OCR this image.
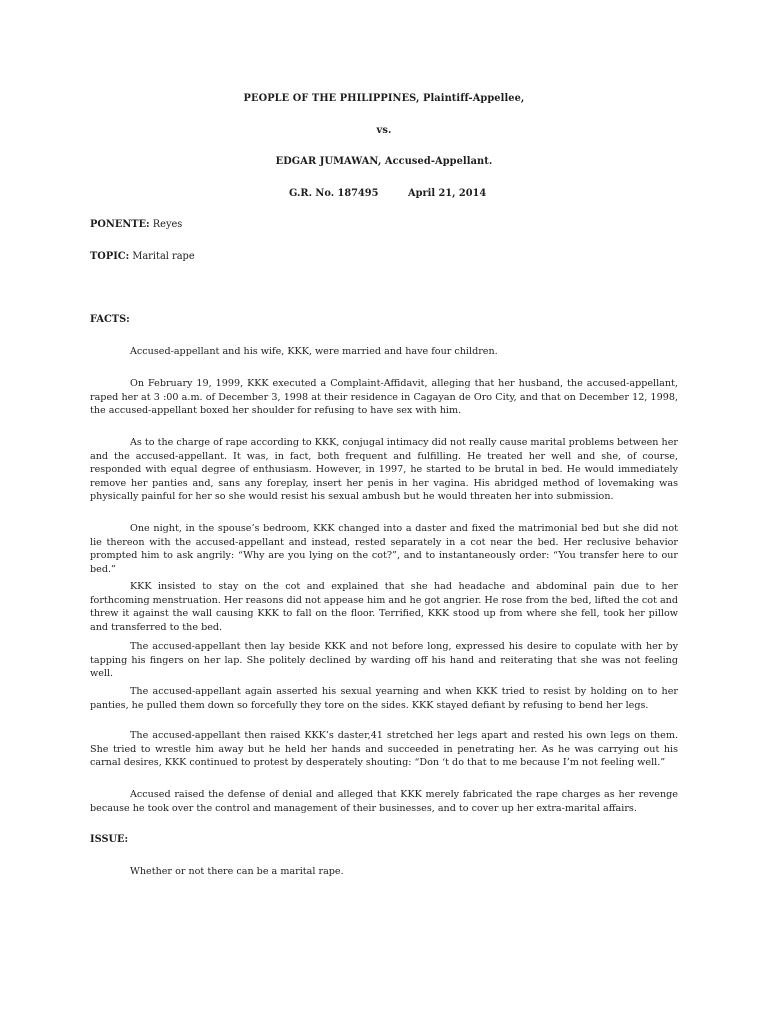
PEOPLE OF THE PHILIPPINES, Plaintiff-Appellee,
vs.
EDGAR JUMAWAN, Accused-Appellant.
G.R. No. 187495	April 21, 2014
PONENTE: Reyes
TOPIC: Marital rape
FACTS:
Accused-appellant and his wife, KKK, were married and have four children.
On February 19, 1999, KKK executed a Complaint-Affidavit, alleging that her husband, the accused-appellant, raped her at 3 :00 a.m. of December 3, 1998 at their residence in Cagayan de Oro City, and that on December 12, 1998, the accused-appellant boxed her shoulder for refusing to have sex with him.
As to the charge of rape according to KKK, conjugal intimacy did not really cause marital problems between her and the accused-appellant. It was, in fact, both frequent and fulfilling. He treated her well and she, of course, responded with equal degree of enthusiasm. However, in 1997, he started to be brutal in bed. He would immediately remove her panties and, sans any foreplay, insert her penis in her vagina. His abridged method of lovemaking was physically painful for her so she would resist his sexual ambush but he would threaten her into submission.
One night, in the spouse’s bedroom, KKK changed into a daster and fixed the matrimonial bed but she did not lie thereon with the accused-appellant and instead, rested separately in a cot near the bed. Her reclusive behavior prompted him to ask angrily: “Why are you lying on the cot?”, and to instantaneously order: “You transfer here to our bed.”
KKK insisted to stay on the cot and explained that she had headache and abdominal pain due to her forthcoming menstruation. Her reasons did not appease him and he got angrier. He rose from the bed, lifted the cot and threw it against the wall causing KKK to fall on the floor. Terrified, KKK stood up from where she fell, took her pillow and transferred to the bed.
The accused-appellant then lay beside KKK and not before long, expressed his desire to copulate with her by tapping his fingers on her lap. She politely declined by warding off his hand and reiterating that she was not feeling well.
The accused-appellant again asserted his sexual yearning and when KKK tried to resist by holding on to her panties, he pulled them down so forcefully they tore on the sides. KKK stayed defiant by refusing to bend her legs.
The accused-appellant then raised KKK’s daster,41 stretched her legs apart and rested his own legs on them. She tried to wrestle him away but he held her hands and succeeded in penetrating her. As he was carrying out his carnal desires, KKK continued to protest by desperately shouting: “Don ‘t do that to me because I’m not feeling well.”
Accused raised the defense of denial and alleged that KKK merely fabricated the rape charges as her revenge because he took over the control and management of their businesses, and to cover up her extra-marital affairs.
ISSUE:
Whether or not there can be a marital rape.
